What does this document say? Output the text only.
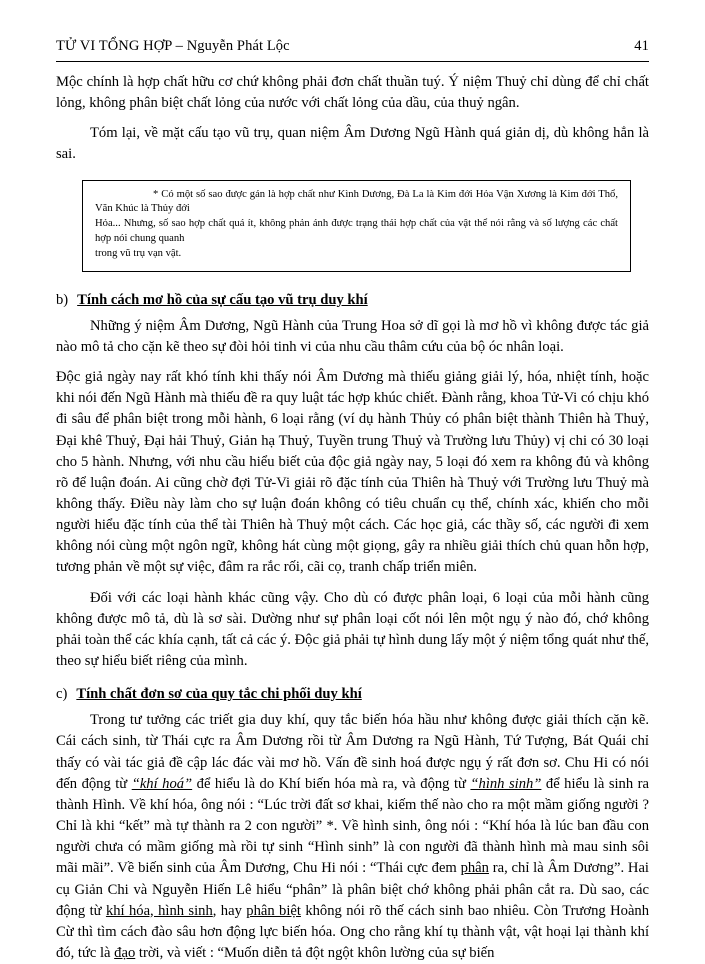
TỬ VI TỔNG HỢP – Nguyễn Phát Lộc	41

Mộc chính là hợp chất hữu cơ chứ không phải đơn chất thuần tuý. Ý niệm Thuỷ chỉ dùng để chỉ chất lỏng, không phân biệt chất lỏng của nước với chất lỏng của dầu, của thuỷ ngân.

Tóm lại, về mặt cấu tạo vũ trụ, quan niệm Âm Dương Ngũ Hành quá giản dị, dù không hẳn là sai.

* Có một số sao được gán là hợp chất như Kình Dương, Đà La là Kim đới Hỏa Vận Xương là Kim đới Thổ, Văn Khúc là Thủy đới

Hỏa... Nhưng, số sao hợp chất quá ít, không phản ánh được trạng thái hợp chất của vật thể nói rằng và số lượng các chất hợp nói chung quanh

trong vũ trụ vạn vật.

b) Tính cách mơ hồ của sự cấu tạo vũ trụ duy khí

Những ý niệm Âm Dương, Ngũ Hành của Trung Hoa sở dĩ gọi là mơ hồ vì không được tác giả nào mô tả cho cặn kẽ theo sự đòi hỏi tinh vi của nhu cầu thâm cứu của bộ óc nhân loại.

Độc giả ngày nay rất khó tính khi thấy nói Âm Dương mà thiếu giảng giải lý, hóa, nhiệt tính, hoặc khi nói đến Ngũ Hành mà thiếu đề ra quy luật tác hợp khúc chiết. Đành rằng, khoa Tử-Vi có chịu khó đi sâu để phân biệt trong mỗi hành, 6 loại rằng (ví dụ hành Thủy có phân biệt thành Thiên hà Thuỷ, Đại khê Thuỷ, Đại hải Thuỷ, Giản hạ Thuỷ, Tuyền trung Thuỷ và Trường lưu Thủy) vị chi có 30 loại cho 5 hành. Nhưng, với nhu cầu hiểu biết của độc giả ngày nay, 5 loại đó xem ra không đủ và không rõ để luận đoán. Ai cũng chờ đợi Tử-Vi giải rõ đặc tính của Thiên hà Thuỷ với Trường lưu Thuỷ mà không thấy. Điều này làm cho sự luận đoán không có tiêu chuẩn cụ thể, chính xác, khiến cho mỗi người hiểu đặc tính của thể tài Thiên hà Thuỷ một cách. Các học giả, các thầy số, các người đi xem không nói cùng một ngôn ngữ, không hát cùng một giọng, gây ra nhiều giải thích chủ quan hỗn hợp, tương phản về một sự việc, đâm ra rắc rối, cãi cọ, tranh chấp triển miên.

Đối với các loại hành khác cũng vậy. Cho dù có được phân loại, 6 loại của mỗi hành cũng không được mô tả, dù là sơ sài. Dường như sự phân loại cốt nói lên một ngụ ý nào đó, chớ không phải toàn thể các khía cạnh, tất cả các ý. Độc giả phải tự hình dung lấy một ý niệm tổng quát như thế, theo sự hiểu biết riêng của mình.

c) Tính chất đơn sơ của quy tắc chi phối duy khí

Trong tư tưởng các triết gia duy khí, quy tắc biến hóa hầu như không được giải thích cặn kẽ. Cái cách sinh, từ Thái cực ra Âm Dương rồi từ Âm Dương ra Ngũ Hành, Tứ Tượng, Bát Quái chỉ thấy có vài tác giả đề cập lác đác vài mơ hồ. Vấn đề sinh hoá được ngụ ý rất đơn sơ. Chu Hi có nói đến động từ “khí hoá” để hiểu là do Khí biến hóa mà ra, và động từ “hình sinh” để hiểu là sinh ra thành Hình. Về khí hóa, ông nói : “Lúc trời đất sơ khai, kiếm thế nào cho ra một mầm giống người ? Chỉ là khi “kết” mà tự thành ra 2 con người” *. Về hình sinh, ông nói : “Khí hóa là lúc ban đầu con người chưa có mầm giống mà rồi tự sinh “Hình sinh” là con người đã thành hình mà mau sinh sôi mãi mãi”. Về biến sinh của Âm Dương, Chu Hi nói : “Thái cực đem phân ra, chỉ là Âm Dương”. Hai cụ Giản Chi và Nguyễn Hiến Lê hiểu “phân” là phân biệt chớ không phải phân cắt ra. Dù sao, các động từ khí hóa, hình sinh, hay phân biệt không nói rõ thế cách sinh bao nhiêu. Còn Trương Hoành Cừ thì tìm cách đào sâu hơn động lực biến hóa. Ong cho rằng khí tụ thành vật, vật hoại lại thành khí đó, tức là đạo trời, và viết : “Muốn diễn tả đột ngột khôn lường của sự biến
